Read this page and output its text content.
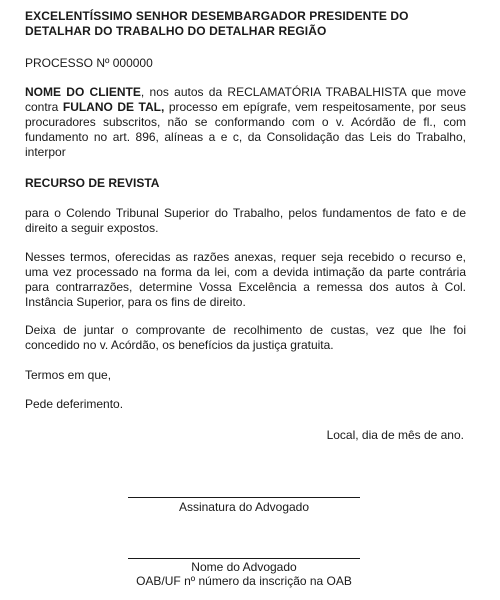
EXCELENTÍSSIMO SENHOR DESEMBARGADOR PRESIDENTE DO DETALHAR DO TRABALHO DO DETALHAR REGIÃO
PROCESSO Nº 000000
NOME DO CLIENTE, nos autos da RECLAMATÓRIA TRABALHISTA que move contra FULANO DE TAL, processo em epígrafe, vem respeitosamente, por seus procuradores subscritos, não se conformando com o v. Acórdão de fl., com fundamento no art. 896, alíneas a e c, da Consolidação das Leis do Trabalho, interpor
RECURSO DE REVISTA
para o Colendo Tribunal Superior do Trabalho, pelos fundamentos de fato e de direito a seguir expostos.
Nesses termos, oferecidas as razões anexas, requer seja recebido o recurso e, uma vez processado na forma da lei, com a devida intimação da parte contrária para contrarrazões, determine Vossa Excelência a remessa dos autos à Col. Instância Superior, para os fins de direito.
Deixa de juntar o comprovante de recolhimento de custas, vez que lhe foi concedido no v. Acórdão, os benefícios da justiça gratuita.
Termos em que,
Pede deferimento.
Local, dia de mês de ano.
Assinatura do Advogado
Nome do Advogado
OAB/UF nº número da inscrição na OAB
